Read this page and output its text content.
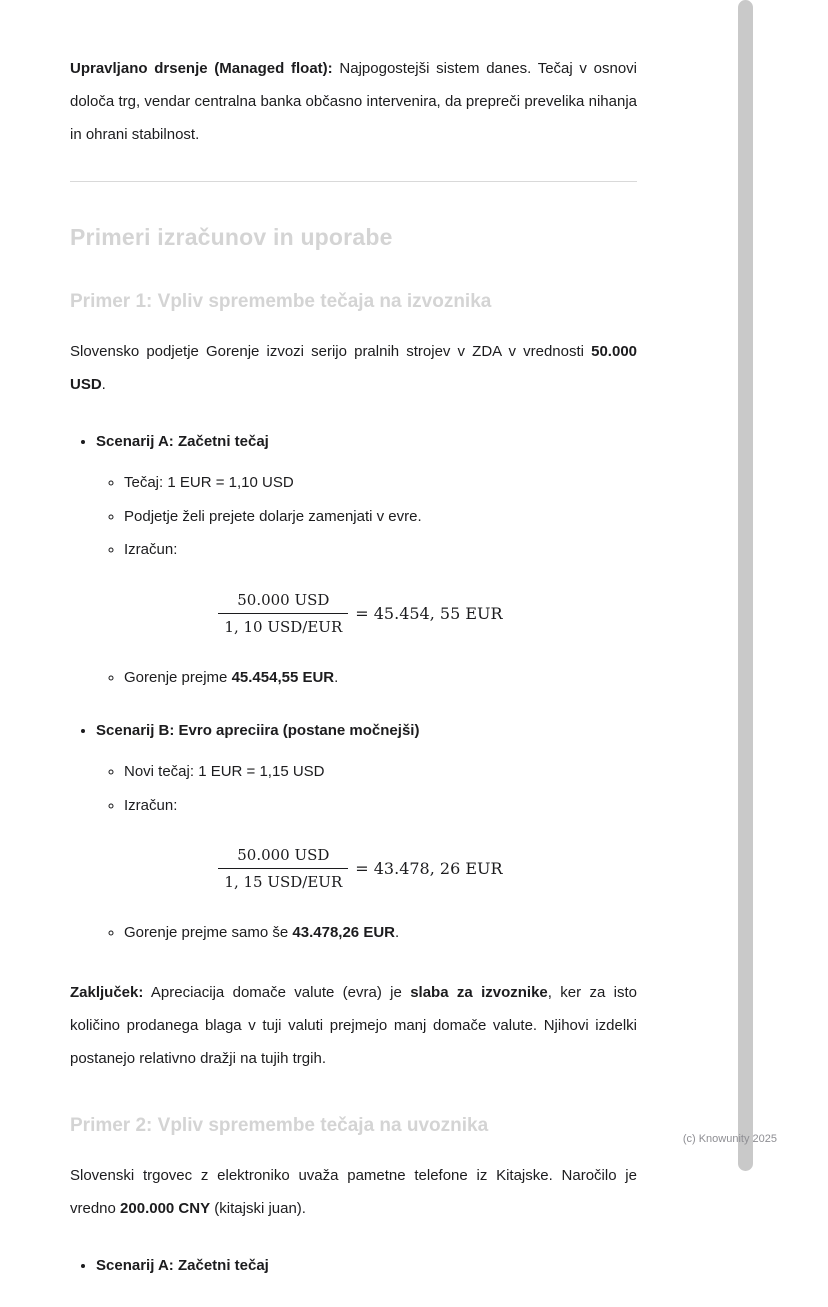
Upravljano drsenje (Managed float): Najpogostejši sistem danes. Tečaj v osnovi določa trg, vendar centralna banka občasno intervenira, da prepreči prevelika nihanja in ohrani stabilnost.

Primeri izračunov in uporabe
Primer 1: Vpliv spremembe tečaja na izvoznika

Slovensko podjetje Gorenje izvozi serijo pralnih strojev v ZDA v vrednosti 50.000 USD.

• Scenarij A: Začetni tečaj
◦ Tečaj: 1 EUR = 1,10 USD
◦ Podjetje želi prejete dolarje zamenjati v evre.
◦ Izračun:
$\frac{\text{50.000 USD}}{\text{1, 10 USD/EUR}} = 45.454$, 55 EUR
◦ Gorenje prejme 45.454,55 EUR.
• Scenarij B: Evro apreciira (postane močnejši)
◦ Novi tečaj: 1 EUR = 1,15 USD
◦ Izračun:
$\frac{\text{50.000 USD}}{\text{1, 15 USD/EUR}} = 43.478$, 26 EUR
◦ Gorenje prejme samo še 43.478,26 EUR.

Zaključek: Apreciacija domače valute (evra) je slaba za izvoznike, ker za isto količino prodanega blaga v tuji valuti prejmejo manj domače valute. Njihovi izdelki postanejo relativno dražji na tujih trgih.

Primer 2: Vpliv spremembe tečaja na uvoznika

Slovenski trgovec z elektroniko uvaža pametne telefone iz Kitajske. Naročilo je vredno 200.000 CNY (kitajski juan).

• Scenarij A: Začetni tečaj
(c) Knowunity 2025
